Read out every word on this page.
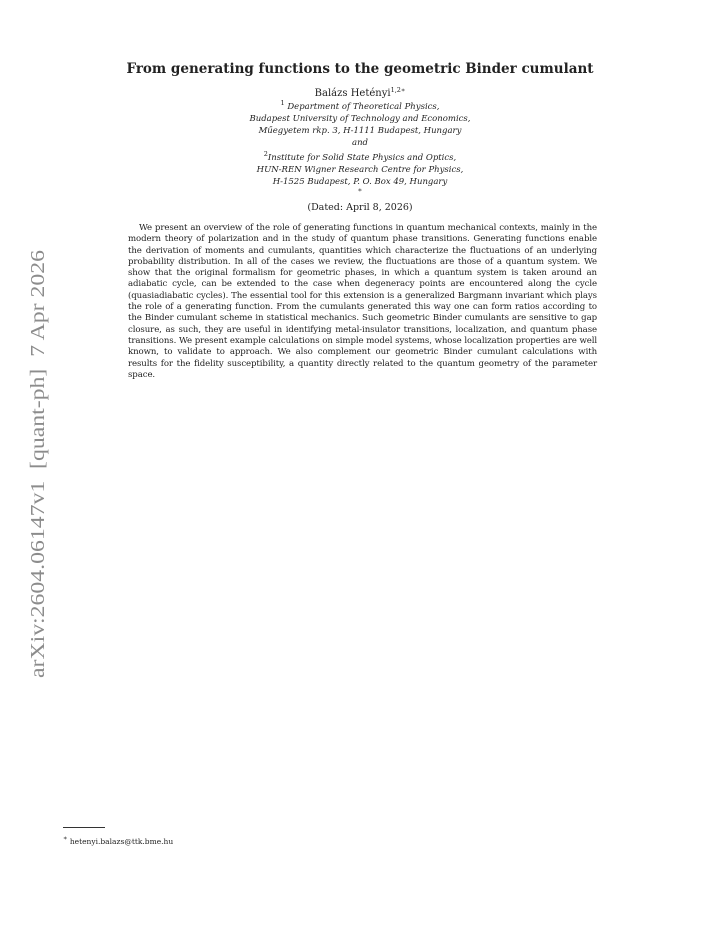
arXiv:2604.06147v1  [quant-ph]  7 Apr 2026
From generating functions to the geometric Binder cumulant
Balázs Hetényi$^{1,2∗}$
$^1$ Department of Theoretical Physics,
Budapest University of Technology and Economics,
Műegyetem rkp. 3, H-1111 Budapest, Hungary
and
$^2$Institute for Solid State Physics and Optics,
HUN-REN Wigner Research Centre for Physics,
H-1525 Budapest, P. O. Box 49, Hungary
∗
(Dated: April 8, 2026)

We present an overview of the role of generating functions in quantum mechanical contexts, mainly in the modern theory of polarization and in the study of quantum phase transitions. Generating functions enable the derivation of moments and cumulants, quantities which characterize the fluctuations of an underlying probability distribution. In all of the cases we review, the fluctuations are those of a quantum system. We show that the original formalism for geometric phases, in which a quantum system is taken around an adiabatic cycle, can be extended to the case when degeneracy points are encountered along the cycle (quasiadiabatic cycles). The essential tool for this extension is a generalized Bargmann invariant which plays the role of a generating function. From the cumulants generated this way one can form ratios according to the Binder cumulant scheme in statistical mechanics. Such geometric Binder cumulants are sensitive to gap closure, as such, they are useful in identifying metal-insulator transitions, localization, and quantum phase transitions. We present example calculations on simple model systems, whose localization properties are well known, to validate to approach. We also complement our geometric Binder cumulant calculations with results for the fidelity susceptibility, a quantity directly related to the quantum geometry of the parameter space.

∗ hetenyi.balazs@ttk.bme.hu
